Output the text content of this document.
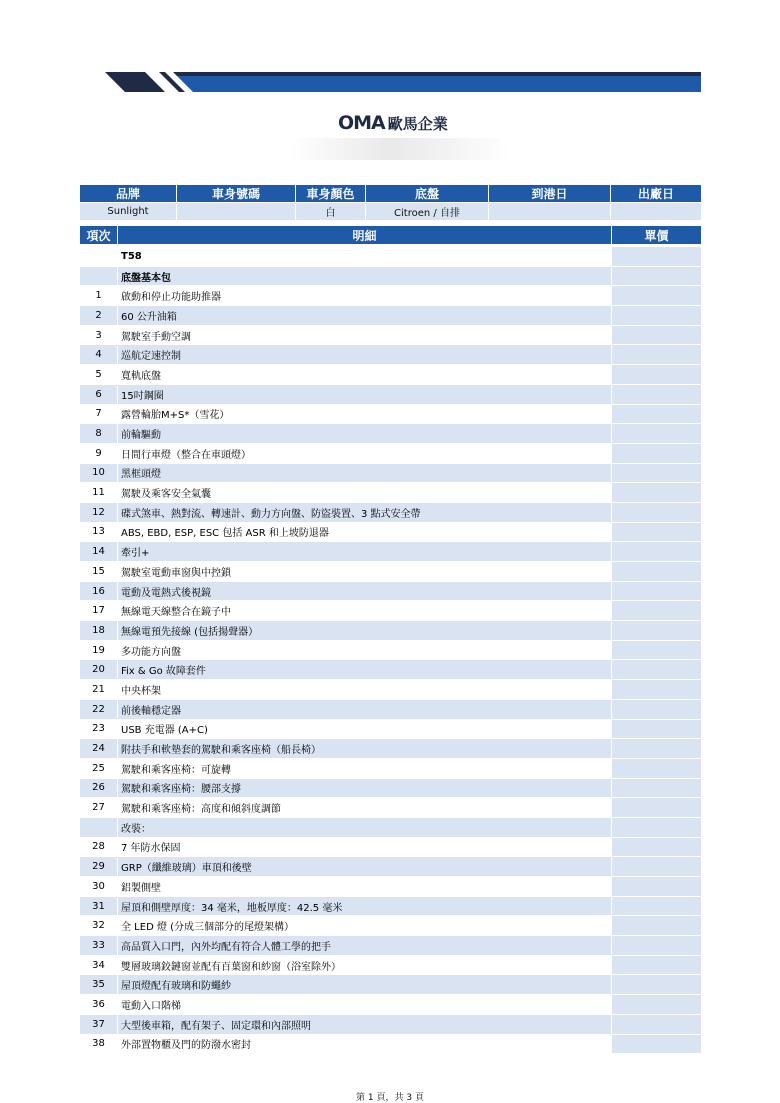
OMA 歐馬企業
品牌	車身號碼	車身顏色	底盤	到港日	出廠日
Sunlight		白	Citroen / 自排		
項次	明細	單價
	T58	
	底盤基本包	
1	啟動和停止功能助推器	
2	60 公升油箱	
3	駕駛室手動空調	
4	巡航定速控制	
5	寬軌底盤	
6	15吋鋼圈	
7	露營輪胎M+S*（雪花）	
8	前輪驅動	
9	日間行車燈（整合在車頭燈）	
10	黑框頭燈	
11	駕駛及乘客安全氣囊	
12	碟式煞車、熱對流、轉速計、動力方向盤、防盜裝置、3 點式安全帶	
13	ABS, EBD, ESP, ESC 包括 ASR 和上坡防退器	
14	牽引+	
15	駕駛室電動車窗與中控鎖	
16	電動及電熱式後視鏡	
17	無線電天線整合在鏡子中	
18	無線電預先接線 (包括揚聲器）	
19	多功能方向盤	
20	Fix & Go 故障套件	
21	中央杯架	
22	前後軸穩定器	
23	USB 充電器 (A+C)	
24	附扶手和軟墊套的駕駛和乘客座椅（船長椅）	
25	駕駛和乘客座椅：可旋轉	
26	駕駛和乘客座椅：腰部支撐	
27	駕駛和乘客座椅：高度和傾斜度調節	
	改裝：	
28	7 年防水保固	
29	GRP（纖維玻璃）車頂和後壁	
30	鋁製側壁	
31	屋頂和側壁厚度：34 毫米，地板厚度：42.5 毫米	
32	全 LED 燈 (分成三個部分的尾燈架構）	
33	高品質入口門，內外均配有符合人體工學的把手	
34	雙層玻璃鉸鏈窗並配有百葉窗和紗窗（浴室除外）	
35	屋頂燈配有玻璃和防蠅紗	
36	電動入口階梯	
37	大型後車箱，配有架子、固定環和內部照明	
38	外部置物櫃及門的防潑水密封	
第 1 頁，共 3 頁
